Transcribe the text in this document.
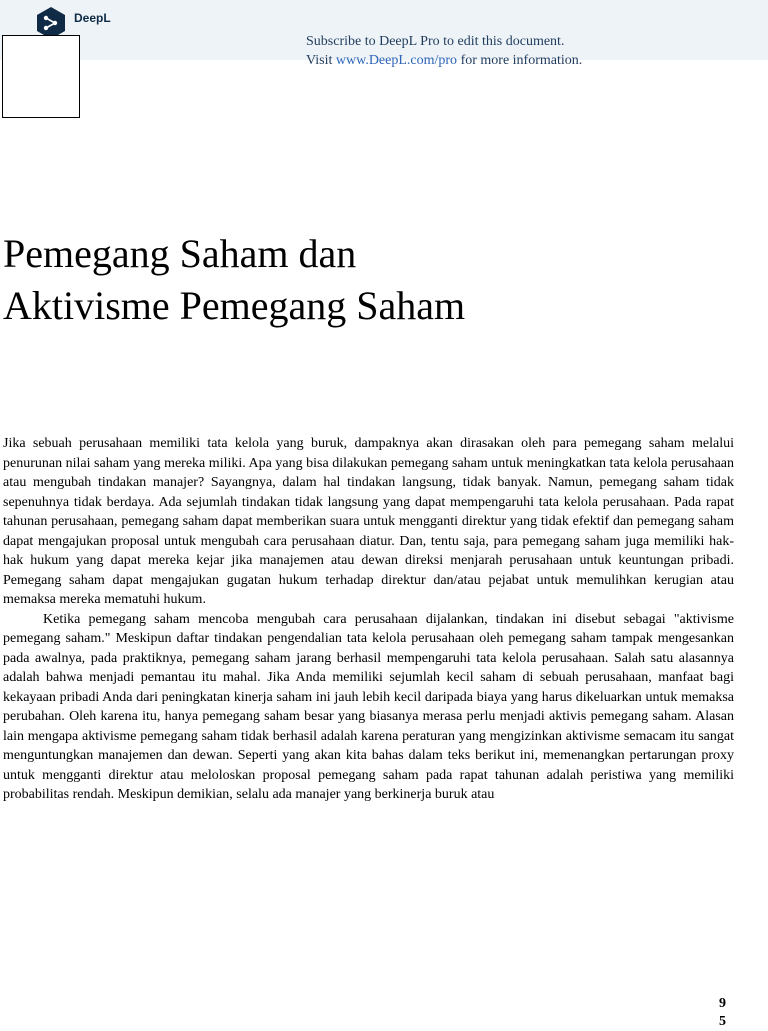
DeepL
Subscribe to DeepL Pro to edit this document.
Visit www.DeepL.com/pro for more information.
Pemegang Saham dan
Aktivisme Pemegang Saham

Jika sebuah perusahaan memiliki tata kelola yang buruk, dampaknya akan dirasakan oleh para pemegang saham melalui penurunan nilai saham yang mereka miliki. Apa yang bisa dilakukan pemegang saham untuk meningkatkan tata kelola perusahaan atau mengubah tindakan manajer? Sayangnya, dalam hal tindakan langsung, tidak banyak. Namun, pemegang saham tidak sepenuhnya tidak berdaya. Ada sejumlah tindakan tidak langsung yang dapat mempengaruhi tata kelola perusahaan. Pada rapat tahunan perusahaan, pemegang saham dapat memberikan suara untuk mengganti direktur yang tidak efektif dan pemegang saham dapat mengajukan proposal untuk mengubah cara perusahaan diatur. Dan, tentu saja, para pemegang saham juga memiliki hak-hak hukum yang dapat mereka kejar jika manajemen atau dewan direksi menjarah perusahaan untuk keuntungan pribadi. Pemegang saham dapat mengajukan gugatan hukum terhadap direktur dan/atau pejabat untuk memulihkan kerugian atau memaksa mereka mematuhi hukum.

Ketika pemegang saham mencoba mengubah cara perusahaan dijalankan, tindakan ini disebut sebagai "aktivisme pemegang saham." Meskipun daftar tindakan pengendalian tata kelola perusahaan oleh pemegang saham tampak mengesankan pada awalnya, pada praktiknya, pemegang saham jarang berhasil mempengaruhi tata kelola perusahaan. Salah satu alasannya adalah bahwa menjadi pemantau itu mahal. Jika Anda memiliki sejumlah kecil saham di sebuah perusahaan, manfaat bagi kekayaan pribadi Anda dari peningkatan kinerja saham ini jauh lebih kecil daripada biaya yang harus dikeluarkan untuk memaksa perubahan. Oleh karena itu, hanya pemegang saham besar yang biasanya merasa perlu menjadi aktivis pemegang saham. Alasan lain mengapa aktivisme pemegang saham tidak berhasil adalah karena peraturan yang mengizinkan aktivisme semacam itu sangat menguntungkan manajemen dan dewan. Seperti yang akan kita bahas dalam teks berikut ini, memenangkan pertarungan proxy untuk mengganti direktur atau meloloskan proposal pemegang saham pada rapat tahunan adalah peristiwa yang memiliki probabilitas rendah. Meskipun demikian, selalu ada manajer yang berkinerja buruk atau

95
